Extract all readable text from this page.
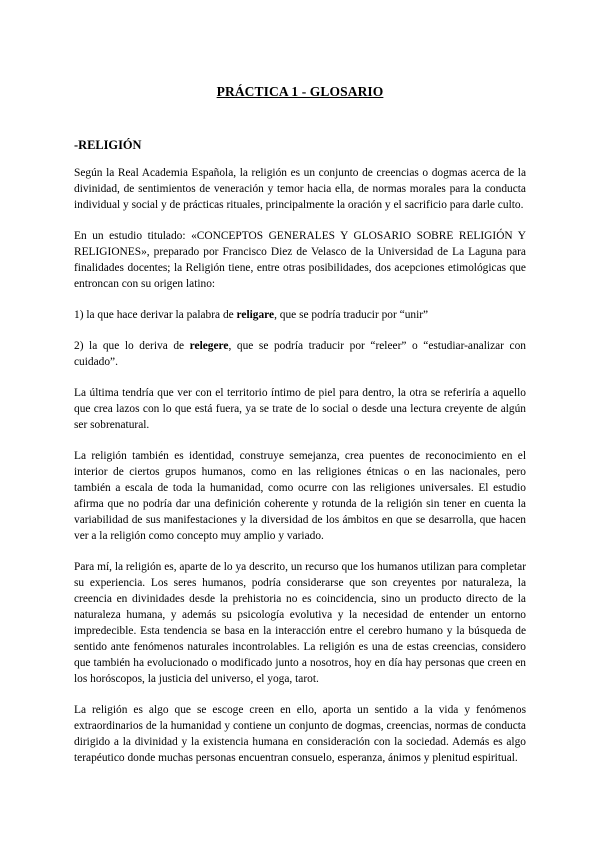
PRÁCTICA 1 - GLOSARIO
-RELIGIÓN

Según la Real Academia Española, la religión es un conjunto de creencias o dogmas acerca de la divinidad, de sentimientos de veneración y temor hacia ella, de normas morales para la conducta individual y social y de prácticas rituales, principalmente la oración y el sacrificio para darle culto.

En un estudio titulado: «CONCEPTOS GENERALES Y GLOSARIO SOBRE RELIGIÓN Y RELIGIONES», preparado por Francisco Diez de Velasco de la Universidad de La Laguna para finalidades docentes; la Religión tiene, entre otras posibilidades, dos acepciones etimológicas que entroncan con su origen latino:

1) la que hace derivar la palabra de religare, que se podría traducir por “unir”

2) la que lo deriva de relegere, que se podría traducir por “releer” o “estudiar-analizar con cuidado”.

La última tendría que ver con el territorio íntimo de piel para dentro, la otra se referiría a aquello que crea lazos con lo que está fuera, ya se trate de lo social o desde una lectura creyente de algún ser sobrenatural.

La religión también es identidad, construye semejanza, crea puentes de reconocimiento en el interior de ciertos grupos humanos, como en las religiones étnicas o en las nacionales, pero también a escala de toda la humanidad, como ocurre con las religiones universales. El estudio afirma que no podría dar una definición coherente y rotunda de la religión sin tener en cuenta la variabilidad de sus manifestaciones y la diversidad de los ámbitos en que se desarrolla, que hacen ver a la religión como concepto muy amplio y variado.

Para mí, la religión es, aparte de lo ya descrito, un recurso que los humanos utilizan para completar su experiencia. Los seres humanos, podría considerarse que son creyentes por naturaleza, la creencia en divinidades desde la prehistoria no es coincidencia, sino un producto directo de la naturaleza humana, y además su psicología evolutiva y la necesidad de entender un entorno impredecible. Esta tendencia se basa en la interacción entre el cerebro humano y la búsqueda de sentido ante fenómenos naturales incontrolables. La religión es una de estas creencias, considero que también ha evolucionado o modificado junto a nosotros, hoy en día hay personas que creen en los horóscopos, la justicia del universo, el yoga, tarot.

La religión es algo que se escoge creen en ello, aporta un sentido a la vida y fenómenos extraordinarios de la humanidad y contiene un conjunto de dogmas, creencias, normas de conducta dirigido a la divinidad y la existencia humana en consideración con la sociedad. Además es algo terapéutico donde muchas personas encuentran consuelo, esperanza, ánimos y plenitud espiritual.
